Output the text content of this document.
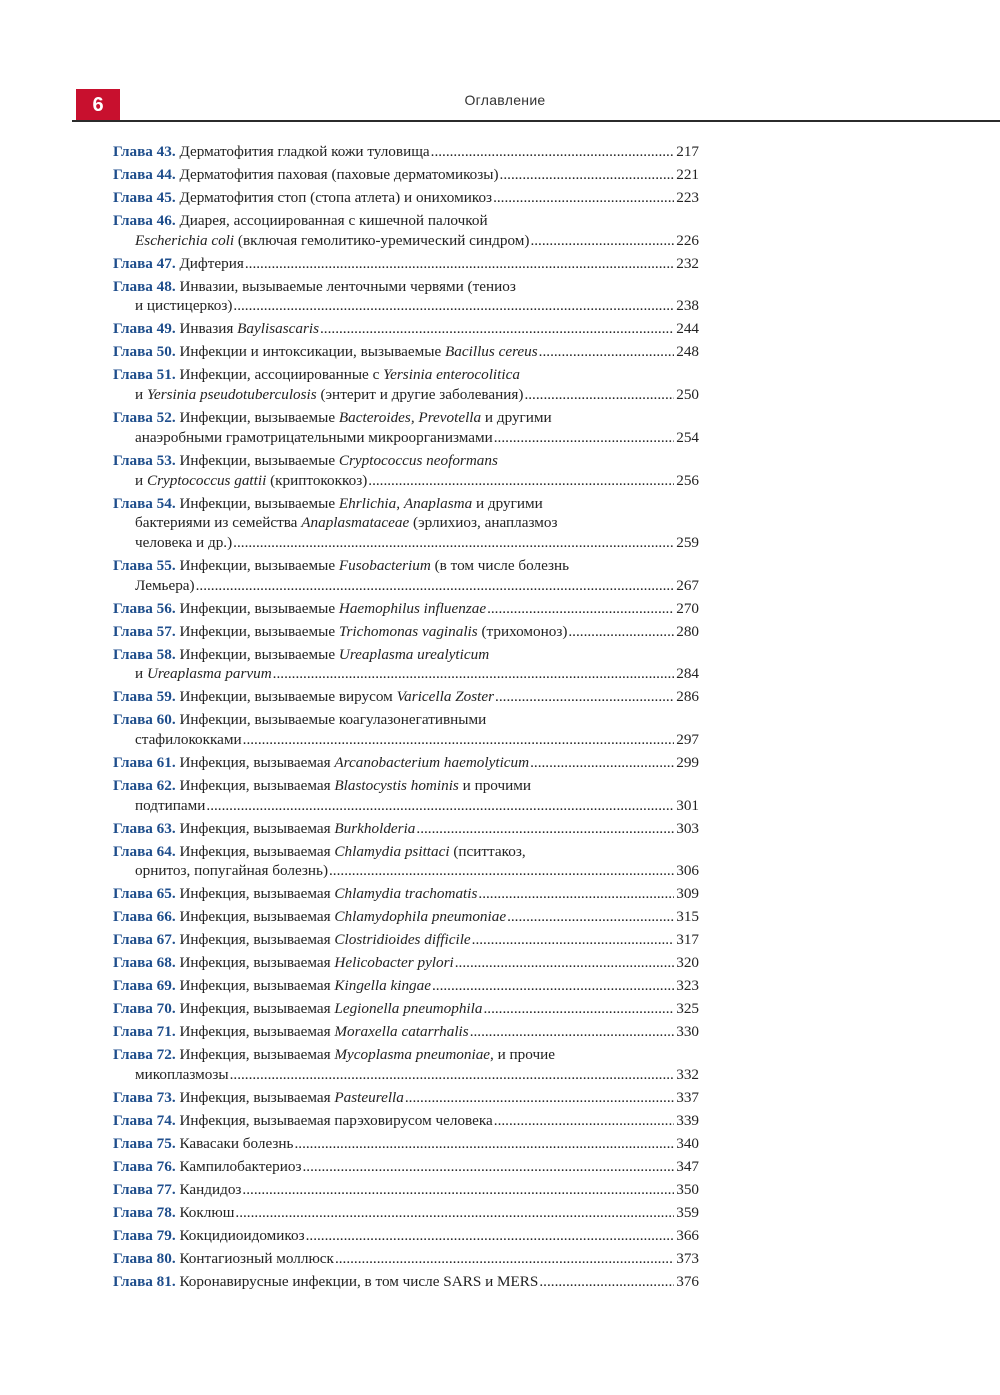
6	Оглавление
Глава 43.
Дерматофития гладкой кожи туловища .....	217
Глава 44.
Дерматофития паховая (паховые дерматомикозы) .....	221
Глава 45.
Дерматофития стоп (стопа атлета) и онихомикоз .....	223
Глава 46.
Диарея, ассоциированная с кишечной палочкой
Escherichia coli (включая гемолитико-уремический синдром) .....	226
Глава 47.
Дифтерия .....	232
Глава 48.
Инвазии, вызываемые ленточными червями (тениоз
и цистицеркоз) .....	238
Глава 49.
Инвазия Baylisascaris .....	244
Глава 50.
Инфекции и интоксикации, вызываемые Bacillus cereus .....	248
Глава 51.
Инфекции, ассоциированные с Yersinia enterocolitica
и Yersinia pseudotuberculosis (энтерит и другие заболевания) .....	250
Глава 52.
Инфекции, вызываемые Bacteroides, Prevotella и другими
анаэробными грамотрицательными микроорганизмами .....	254
Глава 53.
Инфекции, вызываемые Cryptococcus neoformans
и Cryptococcus gattii (криптококкоз) .....	256
Глава 54.
Инфекции, вызываемые Ehrlichia, Anaplasma и другими
бактериями из семейства Anaplasmataceae (эрлихиоз, анаплазмоз
человека и др.) .....	259
Глава 55.
Инфекции, вызываемые Fusobacterium (в том числе болезнь
Лемьера) .....	267
Глава 56.
Инфекции, вызываемые Haemophilus influenzae .....	270
Глава 57.
Инфекции, вызываемые Trichomonas vaginalis (трихомоноз) .....	280
Глава 58.
Инфекции, вызываемые Ureaplasma urealyticum
и Ureaplasma parvum .....	284
Глава 59.
Инфекции, вызываемые вирусом Varicella Zoster .....	286
Глава 60.
Инфекции, вызываемые коагулазонегативными
стафилококками .....	297
Глава 61.
Инфекция, вызываемая Arcanobacterium haemolyticum .....	299
Глава 62.
Инфекция, вызываемая Blastocystis hominis и прочими
подтипами .....	301
Глава 63.
Инфекция, вызываемая Burkholderia .....	303
Глава 64.
Инфекция, вызываемая Chlamydia psittaci (пситтакоз,
орнитоз, попугайная болезнь) .....	306
Глава 65.
Инфекция, вызываемая Chlamydia trachomatis .....	309
Глава 66.
Инфекция, вызываемая Chlamydophila pneumoniae .....	315
Глава 67.
Инфекция, вызываемая Clostridioides difficile .....	317
Глава 68.
Инфекция, вызываемая Helicobacter pylori .....	320
Глава 69.
Инфекция, вызываемая Kingella kingae .....	323
Глава 70.
Инфекция, вызываемая Legionella pneumophila .....	325
Глава 71.
Инфекция, вызываемая Moraxella catarrhalis .....	330
Глава 72.
Инфекция, вызываемая Mycoplasma pneumoniae, и прочие
микоплазмозы .....	332
Глава 73.
Инфекция, вызываемая Pasteurella .....	337
Глава 74.
Инфекция, вызываемая парэховирусом человека .....	339
Глава 75.
Кавасаки болезнь .....	340
Глава 76.
Кампилобактериоз .....	347
Глава 77.
Кандидоз .....	350
Глава 78.
Коклюш .....	359
Глава 79.
Кокцидиоидомикоз .....	366
Глава 80.
Контагиозный моллюск .....	373
Глава 81.
Коронавирусные инфекции, в том числе SARS и MERS .....	376
